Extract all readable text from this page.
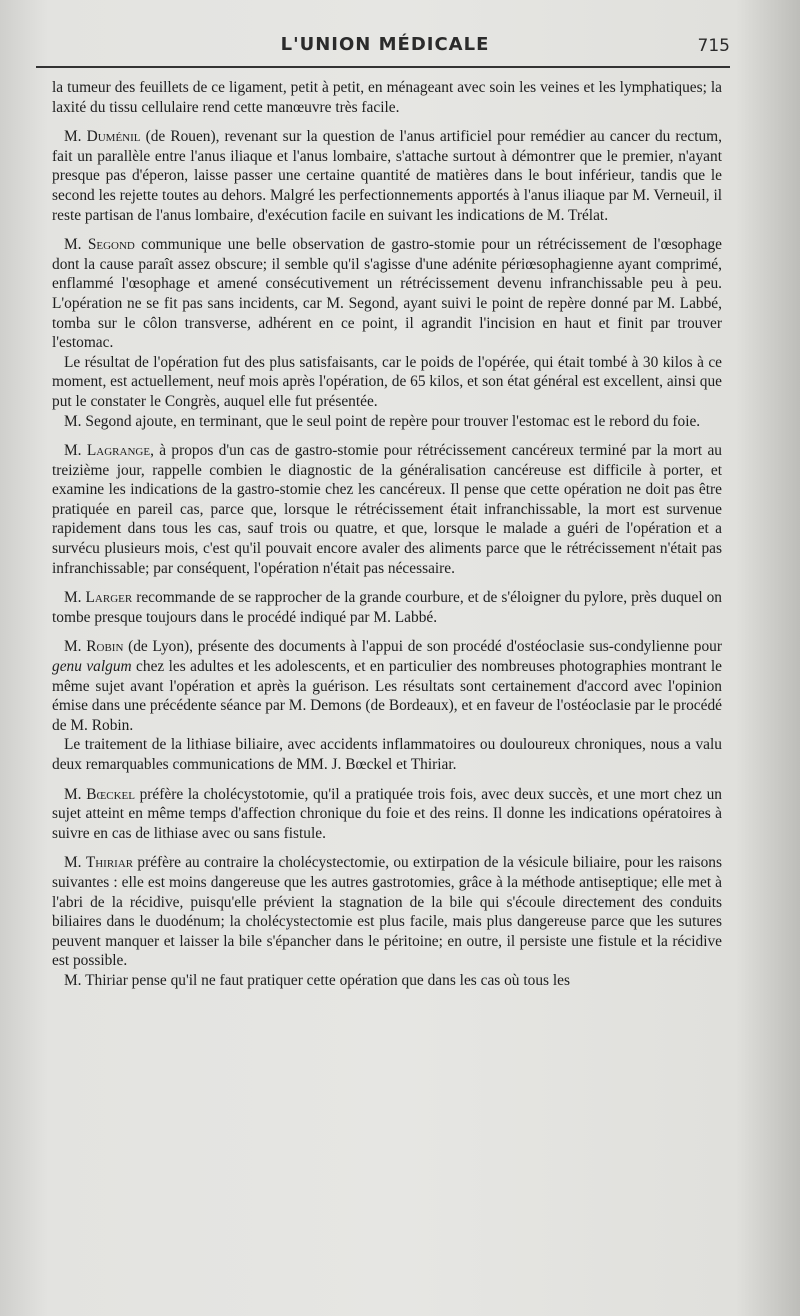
L'UNION MÉDICALE	715

la tumeur des feuillets de ce ligament, petit à petit, en ménageant avec soin les veines et les lymphatiques; la laxité du tissu cellulaire rend cette manœuvre très facile.

M. Duménil (de Rouen), revenant sur la question de l'anus artificiel pour remédier au cancer du rectum, fait un parallèle entre l'anus iliaque et l'anus lombaire, s'attache surtout à démontrer que le premier, n'ayant presque pas d'éperon, laisse passer une certaine quantité de matières dans le bout inférieur, tandis que le second les rejette toutes au dehors. Malgré les perfectionnements apportés à l'anus iliaque par M. Verneuil, il reste partisan de l'anus lombaire, d'exécution facile en suivant les indications de M. Trélat.

M. Segond communique une belle observation de gastro-stomie pour un rétrécissement de l'œsophage dont la cause paraît assez obscure; il semble qu'il s'agisse d'une adénite périœsophagienne ayant comprimé, enflammé l'œsophage et amené consécutivement un rétrécissement devenu infranchissable peu à peu. L'opération ne se fit pas sans incidents, car M. Segond, ayant suivi le point de repère donné par M. Labbé, tomba sur le côlon transverse, adhérent en ce point, il agrandit l'incision en haut et finit par trouver l'estomac.

Le résultat de l'opération fut des plus satisfaisants, car le poids de l'opérée, qui était tombé à 30 kilos à ce moment, est actuellement, neuf mois après l'opération, de 65 kilos, et son état général est excellent, ainsi que put le constater le Congrès, auquel elle fut présentée.

M. Segond ajoute, en terminant, que le seul point de repère pour trouver l'estomac est le rebord du foie.

M. Lagrange, à propos d'un cas de gastro-stomie pour rétrécissement cancéreux terminé par la mort au treizième jour, rappelle combien le diagnostic de la généralisation cancéreuse est difficile à porter, et examine les indications de la gastro-stomie chez les cancéreux. Il pense que cette opération ne doit pas être pratiquée en pareil cas, parce que, lorsque le rétrécissement était infranchissable, la mort est survenue rapidement dans tous les cas, sauf trois ou quatre, et que, lorsque le malade a guéri de l'opération et a survécu plusieurs mois, c'est qu'il pouvait encore avaler des aliments parce que le rétrécissement n'était pas infranchissable; par conséquent, l'opération n'était pas nécessaire.

M. Larger recommande de se rapprocher de la grande courbure, et de s'éloigner du pylore, près duquel on tombe presque toujours dans le procédé indiqué par M. Labbé.

M. Robin (de Lyon), présente des documents à l'appui de son procédé d'ostéoclasie sus-condylienne pour genu valgum chez les adultes et les adolescents, et en particulier des nombreuses photographies montrant le même sujet avant l'opération et après la guérison. Les résultats sont certainement d'accord avec l'opinion émise dans une précédente séance par M. Demons (de Bordeaux), et en faveur de l'ostéoclasie par le procédé de M. Robin.

Le traitement de la lithiase biliaire, avec accidents inflammatoires ou douloureux chroniques, nous a valu deux remarquables communications de MM. J. Bœckel et Thiriar.

M. Bœckel préfère la cholécystotomie, qu'il a pratiquée trois fois, avec deux succès, et une mort chez un sujet atteint en même temps d'affection chronique du foie et des reins. Il donne les indications opératoires à suivre en cas de lithiase avec ou sans fistule.

M. Thiriar préfère au contraire la cholécystectomie, ou extirpation de la vésicule biliaire, pour les raisons suivantes : elle est moins dangereuse que les autres gastrotomies, grâce à la méthode antiseptique; elle met à l'abri de la récidive, puisqu'elle prévient la stagnation de la bile qui s'écoule directement des conduits biliaires dans le duodénum; la cholécystectomie est plus facile, mais plus dangereuse parce que les sutures peuvent manquer et laisser la bile s'épancher dans le péritoine; en outre, il persiste une fistule et la récidive est possible.

M. Thiriar pense qu'il ne faut pratiquer cette opération que dans les cas où tous les
